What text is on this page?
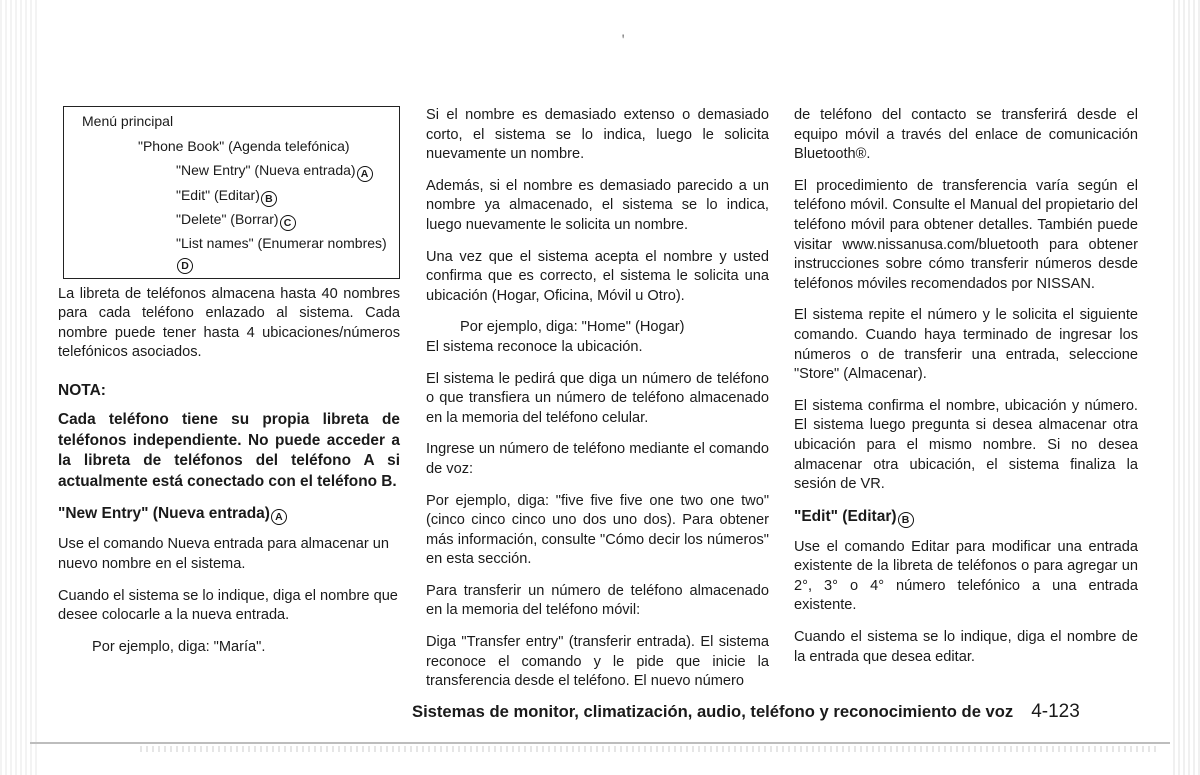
ꞌ
Menú principal
"Phone Book" (Agenda telefónica)
"New Entry" (Nueva entrada) A
"Edit" (Editar) B
"Delete" (Borrar) C
"List names" (Enumerar nombres)D

La libreta de teléfonos almacena hasta 40 nombres para cada teléfono enlazado al sistema. Cada nombre puede tener hasta 4 ubicaciones/números telefónicos asociados.

NOTA:

Cada teléfono tiene su propia libreta de teléfonos independiente. No puede acceder a la libreta de teléfonos del teléfono A si actualmente está conectado con el teléfono B.

"New Entry" (Nueva entrada) A

Use el comando Nueva entrada para almacenar un nuevo nombre en el sistema.

Cuando el sistema se lo indique, diga el nombre que desee colocarle a la nueva entrada.

Por ejemplo, diga: "María".

Si el nombre es demasiado extenso o demasiado corto, el sistema se lo indica, luego le solicita nuevamente un nombre.

Además, si el nombre es demasiado parecido a un nombre ya almacenado, el sistema se lo indica, luego nuevamente le solicita un nombre.

Una vez que el sistema acepta el nombre y usted confirma que es correcto, el sistema le solicita una ubicación (Hogar, Oficina, Móvil u Otro).

Por ejemplo, diga: "Home" (Hogar)

El sistema reconoce la ubicación.

El sistema le pedirá que diga un número de teléfono o que transfiera un número de teléfono almacenado en la memoria del teléfono celular.

Ingrese un número de teléfono mediante el comando de voz:

Por ejemplo, diga: "five five five one two one two" (cinco cinco cinco uno dos uno dos). Para obtener más información, consulte "Cómo decir los números" en esta sección.

Para transferir un número de teléfono almacenado en la memoria del teléfono móvil:

Diga "Transfer entry" (transferir entrada). El sistema reconoce el comando y le pide que inicie la transferencia desde el teléfono. El nuevo número

de teléfono del contacto se transferirá desde el equipo móvil a través del enlace de comunicación Bluetooth®.

El procedimiento de transferencia varía según el teléfono móvil. Consulte el Manual del propietario del teléfono móvil para obtener detalles. También puede visitar www.nissanusa.com/bluetooth para obtener instrucciones sobre cómo transferir números desde teléfonos móviles recomendados por NISSAN.

El sistema repite el número y le solicita el siguiente comando. Cuando haya terminado de ingresar los números o de transferir una entrada, seleccione "Store" (Almacenar).

El sistema confirma el nombre, ubicación y número. El sistema luego pregunta si desea almacenar otra ubicación para el mismo nombre. Si no desea almacenar otra ubicación, el sistema finaliza la sesión de VR.

"Edit" (Editar) B

Use el comando Editar para modificar una entrada existente de la libreta de teléfonos o para agregar un 2°, 3° o 4° número telefónico a una entrada existente.

Cuando el sistema se lo indique, diga el nombre de la entrada que desea editar.

Sistemas de monitor, climatización, audio, teléfono y reconocimiento de voz 4-123
